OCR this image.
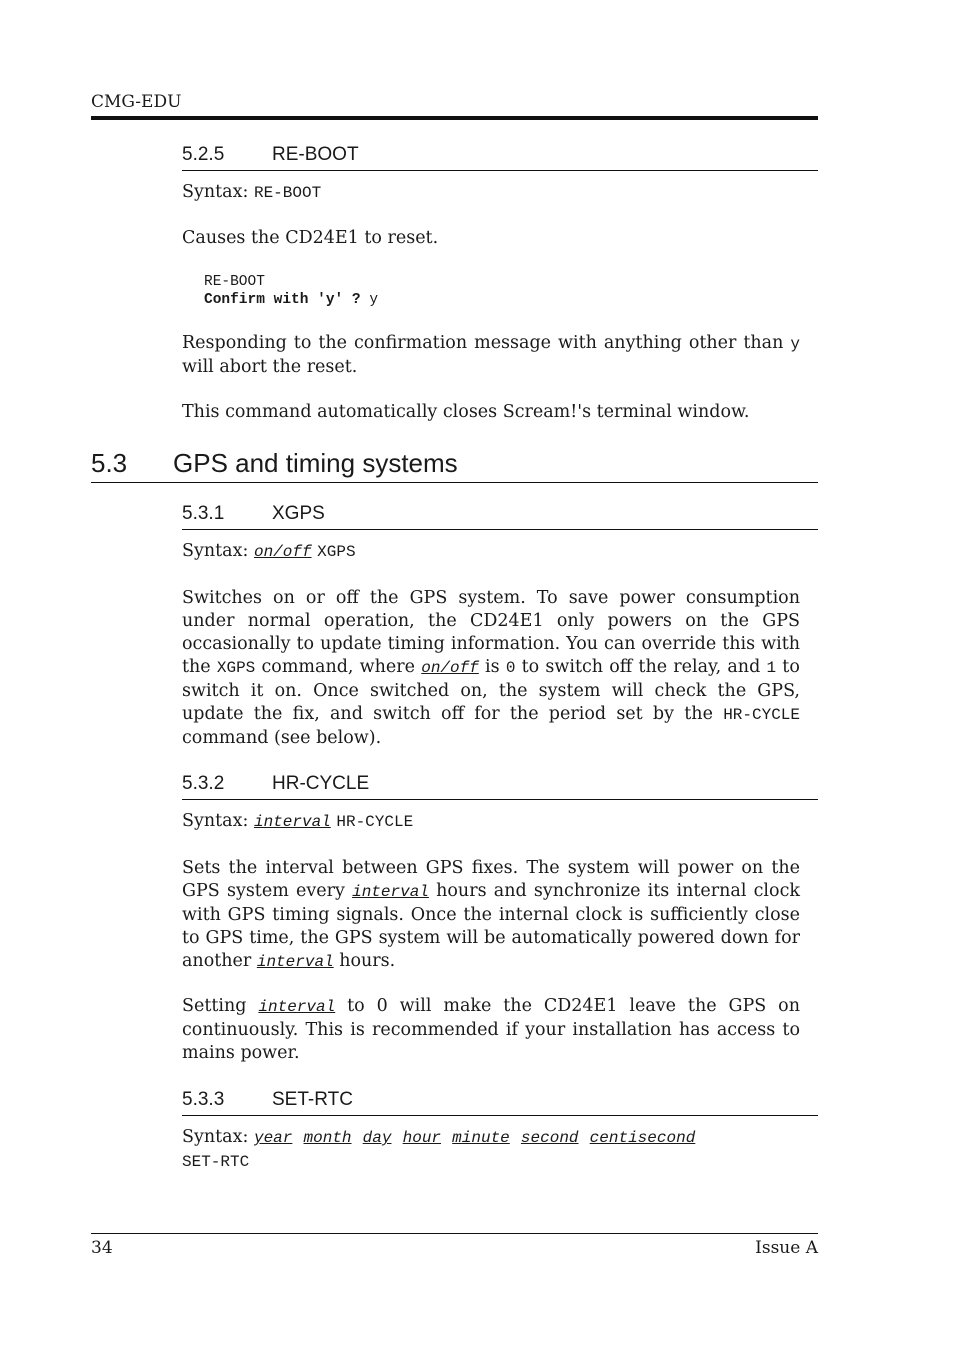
CMG-EDU
5.2.5	RE-BOOT
Syntax: RE-BOOT
Causes the CD24E1 to reset.
RE-BOOT
Confirm with 'y' ? y
Responding to the confirmation message with anything other than y will abort the reset.
This command automatically closes Scream!'s terminal window.
5.3 GPS and timing systems
5.3.1	XGPS
Syntax: on/off XGPS
Switches on or off the GPS system. To save power consumption under normal operation, the CD24E1 only powers on the GPS occasionally to update timing information. You can override this with the XGPS command, where on/off is 0 to switch off the relay, and 1 to switch it on. Once switched on, the system will check the GPS, update the fix, and switch off for the period set by the HR-CYCLE command (see below).
5.3.2	HR-CYCLE
Syntax: interval HR-CYCLE
Sets the interval between GPS fixes. The system will power on the GPS system every interval hours and synchronize its internal clock with GPS timing signals. Once the internal clock is sufficiently close to GPS time, the GPS system will be automatically powered down for another interval hours.
Setting interval to 0 will make the CD24E1 leave the GPS on continuously. This is recommended if your installation has access to mains power.
5.3.3	SET-RTC
Syntax: year month day hour minute second centisecond
SET-RTC
34	Issue A
